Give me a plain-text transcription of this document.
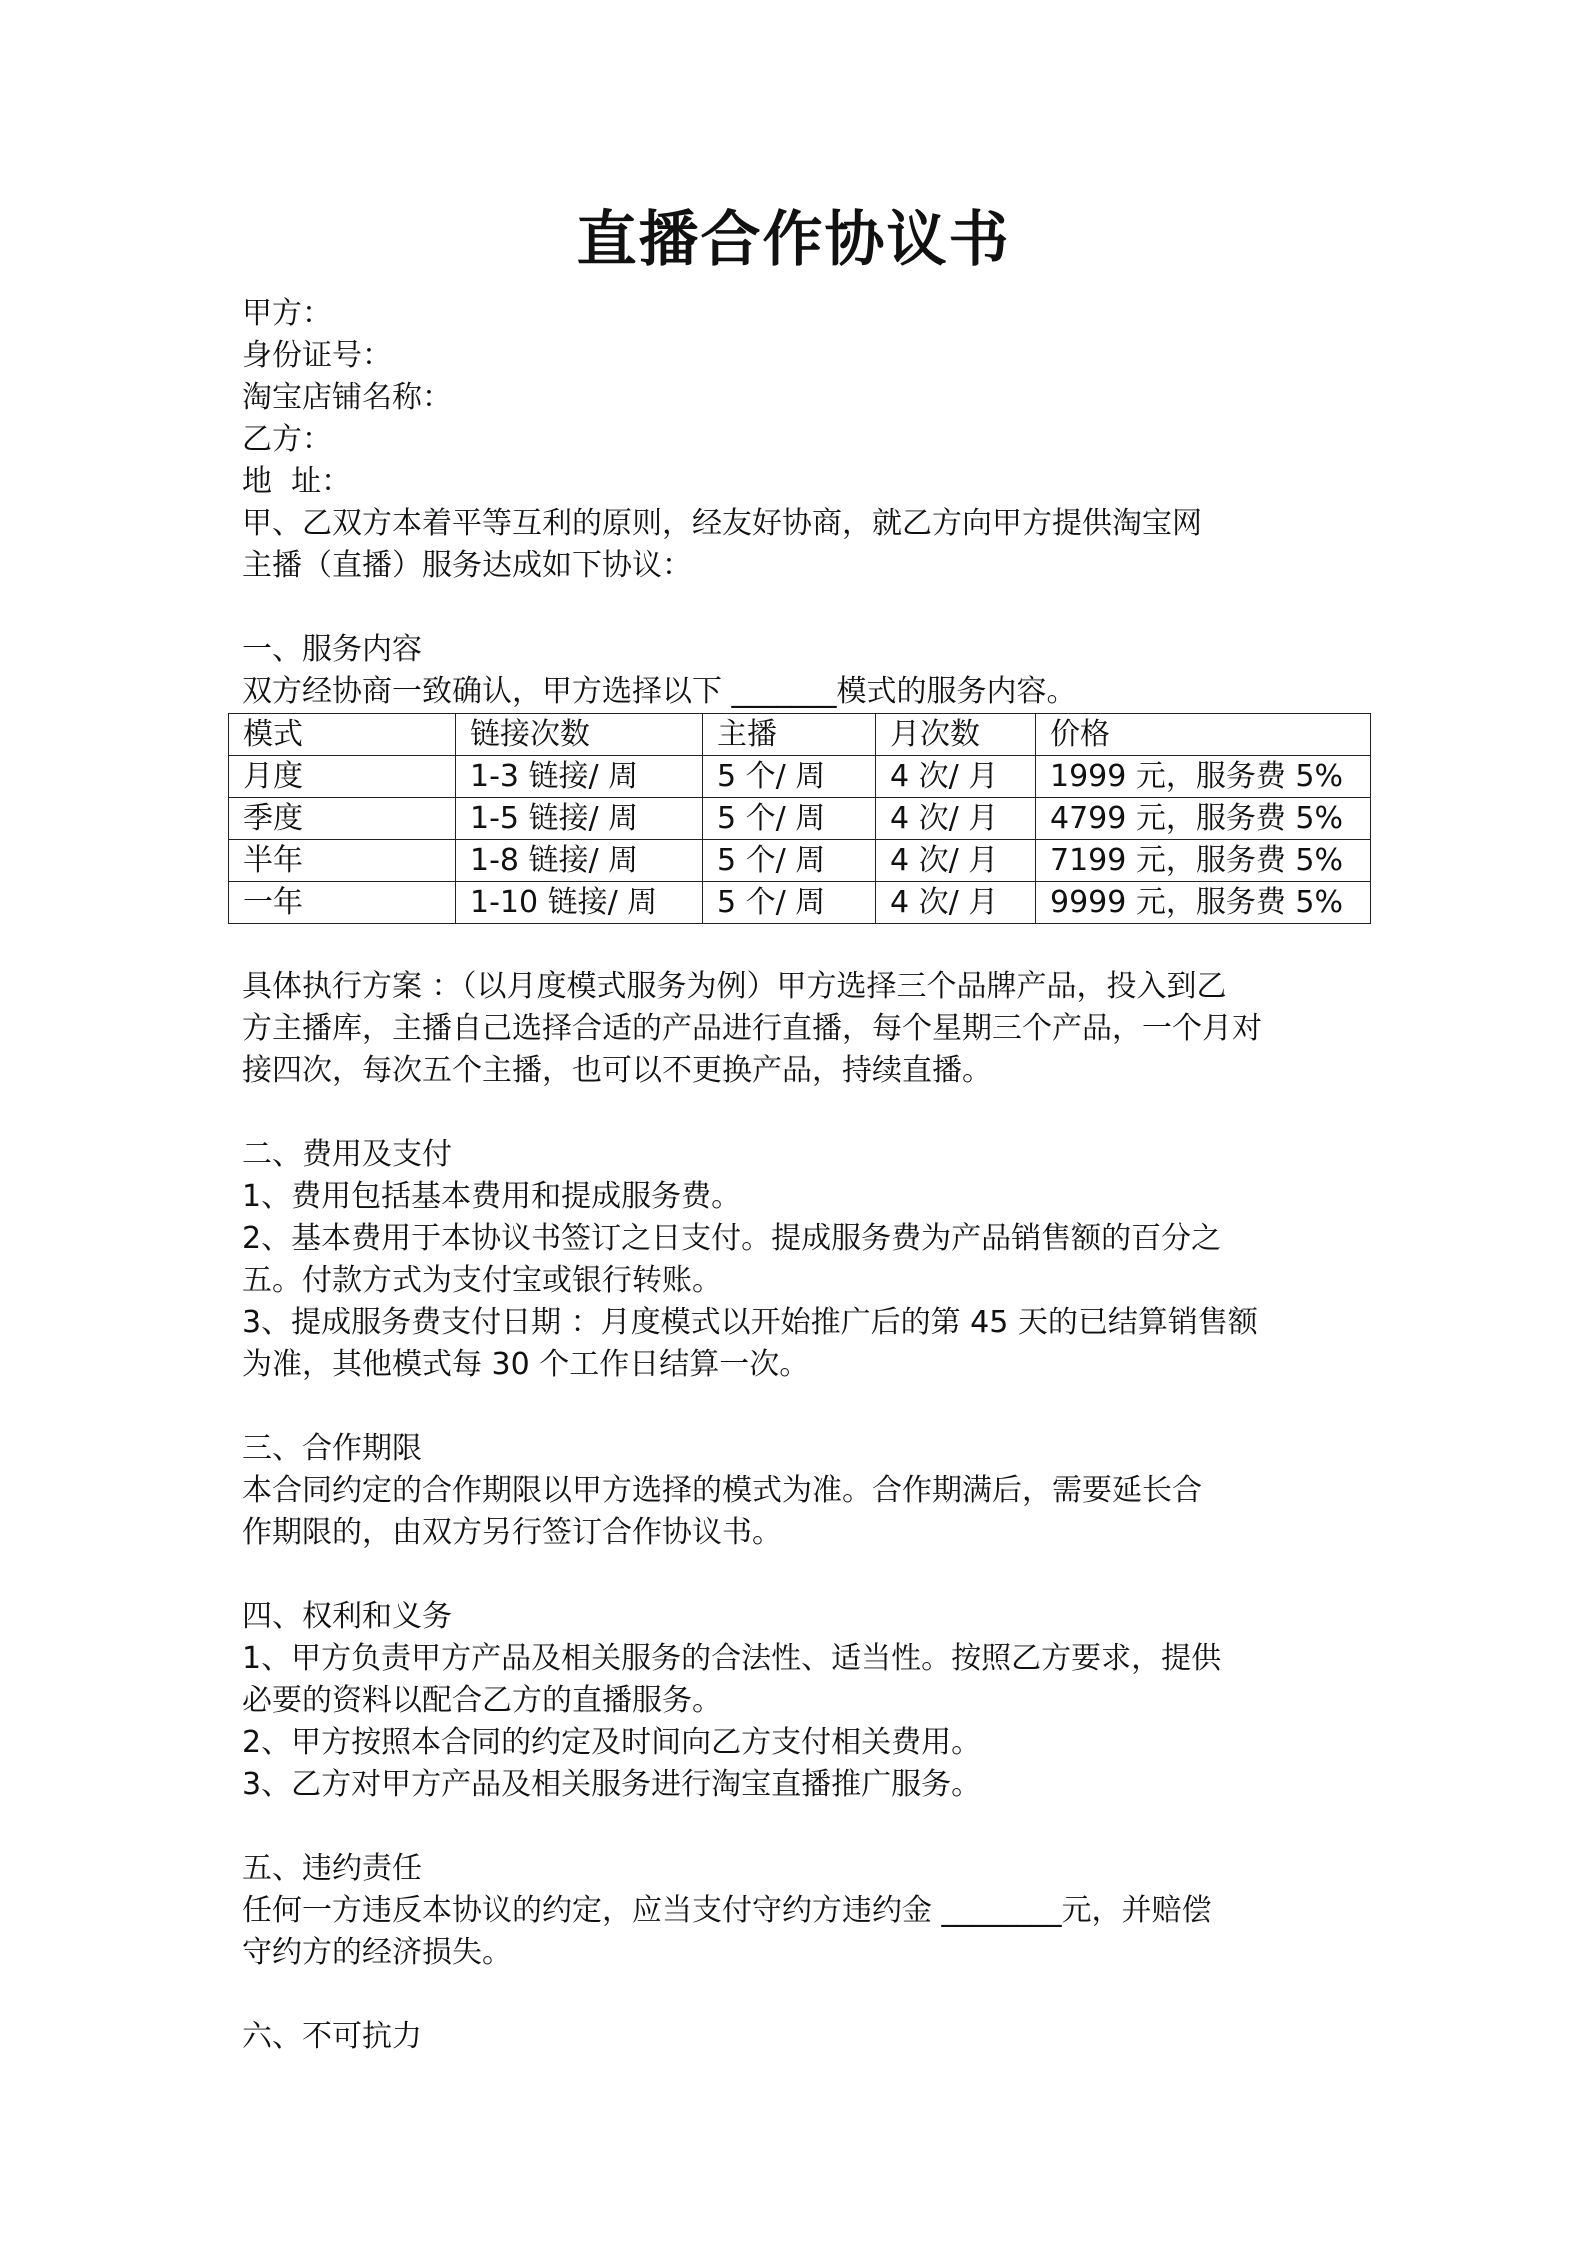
直播合作协议书

甲方：

身份证号：

淘宝店铺名称：

乙方：

地  址：

甲、乙双方本着平等互利的原则，经友好协商，就乙方向甲方提供淘宝网

主播（直播）服务达成如下协议：

一、服务内容

双方经协商一致确认，甲方选择以下 _______模式的服务内容。

模式	链接次数	主播	月次数	价格
月度	1-3 链接/ 周	5 个/ 周	4 次/ 月	1999 元，服务费 5%
季度	1-5 链接/ 周	5 个/ 周	4 次/ 月	4799 元，服务费 5%
半年	1-8 链接/ 周	5 个/ 周	4 次/ 月	7199 元，服务费 5%
一年	1-10 链接/ 周	5 个/ 周	4 次/ 月	9999 元，服务费 5%

具体执行方案 ：（以月度模式服务为例）甲方选择三个品牌产品，投入到乙

方主播库，主播自己选择合适的产品进行直播，每个星期三个产品，一个月对

接四次，每次五个主播，也可以不更换产品，持续直播。

二、费用及支付

1、费用包括基本费用和提成服务费。

2、基本费用于本协议书签订之日支付。提成服务费为产品销售额的百分之

五。付款方式为支付宝或银行转账。

3、提成服务费支付日期 ：月度模式以开始推广后的第 45 天的已结算销售额

为准，其他模式每 30 个工作日结算一次。

三、合作期限

本合同约定的合作期限以甲方选择的模式为准。合作期满后，需要延长合

作期限的，由双方另行签订合作协议书。

四、权利和义务

1、甲方负责甲方产品及相关服务的合法性、适当性。按照乙方要求，提供

必要的资料以配合乙方的直播服务。

2、甲方按照本合同的约定及时间向乙方支付相关费用。

3、乙方对甲方产品及相关服务进行淘宝直播推广服务。

五、违约责任

任何一方违反本协议的约定，应当支付守约方违约金 ________元，并赔偿

守约方的经济损失。

六、不可抗力
